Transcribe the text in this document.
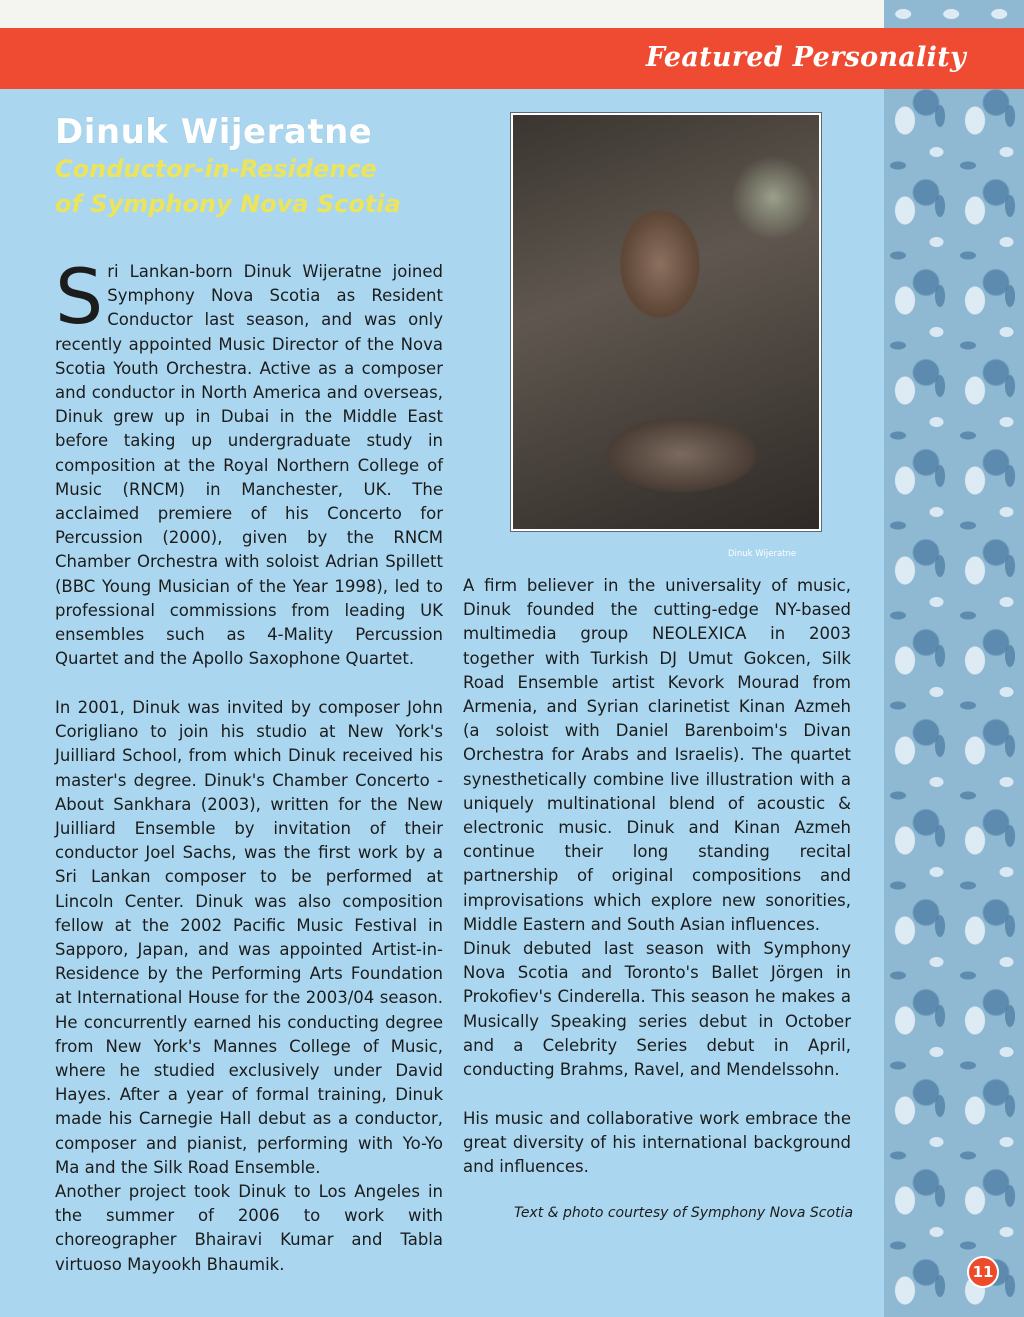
Featured Personality
Dinuk Wijeratne
Conductor-in-Residence
of Symphony Nova Scotia
Dinuk Wijeratne

Sri Lankan-born Dinuk Wijeratne joined Symphony Nova Scotia as Resident Conductor last season, and was only recently appointed Music Director of the Nova Scotia Youth Orchestra. Active as a composer and conductor in North America and overseas, Dinuk grew up in Dubai in the Middle East before taking up undergraduate study in composition at the Royal Northern College of Music (RNCM) in Manchester, UK. The acclaimed premiere of his Concerto for Percussion (2000), given by the RNCM Chamber Orchestra with soloist Adrian Spillett (BBC Young Musician of the Year 1998), led to professional commissions from leading UK ensembles such as 4-Mality Percussion Quartet and the Apollo Saxophone Quartet.

In 2001, Dinuk was invited by composer John Corigliano to join his studio at New York's Juilliard School, from which Dinuk received his master's degree. Dinuk's Chamber Concerto - About Sankhara (2003), written for the New Juilliard Ensemble by invitation of their conductor Joel Sachs, was the first work by a Sri Lankan composer to be performed at Lincoln Center. Dinuk was also composition fellow at the 2002 Pacific Music Festival in Sapporo, Japan, and was appointed Artist-in-Residence by the Performing Arts Foundation at International House for the 2003/04 season. He concurrently earned his conducting degree from New York's Mannes College of Music, where he studied exclusively under David Hayes. After a year of formal training, Dinuk made his Carnegie Hall debut as a conductor, composer and pianist, performing with Yo-Yo Ma and the Silk Road Ensemble.

Another project took Dinuk to Los Angeles in the summer of 2006 to work with choreographer Bhairavi Kumar and Tabla virtuoso Mayookh Bhaumik.

A firm believer in the universality of music, Dinuk founded the cutting-edge NY-based multimedia group NEOLEXICA in 2003 together with Turkish DJ Umut Gokcen, Silk Road Ensemble artist Kevork Mourad from Armenia, and Syrian clarinetist Kinan Azmeh (a soloist with Daniel Barenboim's Divan Orchestra for Arabs and Israelis). The quartet synesthetically combine live illustration with a uniquely multinational blend of acoustic & electronic music. Dinuk and Kinan Azmeh continue their long standing recital partnership of original compositions and improvisations which explore new sonorities, Middle Eastern and South Asian influences.

Dinuk debuted last season with Symphony Nova Scotia and Toronto's Ballet Jörgen in Prokofiev's Cinderella. This season he makes a Musically Speaking series debut in October and a Celebrity Series debut in April, conducting Brahms, Ravel, and Mendelssohn.

His music and collaborative work embrace the great diversity of his international background and influences.

Text & photo courtesy of Symphony Nova Scotia
11
